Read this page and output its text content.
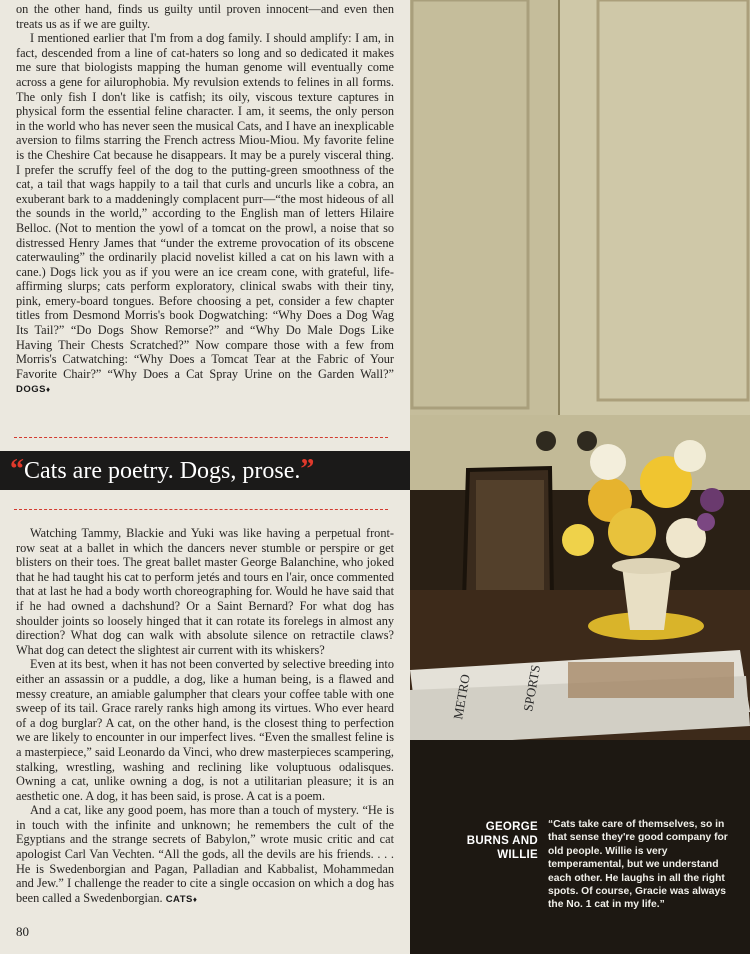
on the other hand, finds us guilty until proven innocent—and even then treats us as if we are guilty.

I mentioned earlier that I'm from a dog family. I should amplify: I am, in fact, descended from a line of cat-haters so long and so dedicated it makes me sure that biologists mapping the human genome will eventually come across a gene for ailurophobia. My revulsion extends to felines in all forms. The only fish I don't like is catfish; its oily, viscous texture captures in physical form the essential feline character. I am, it seems, the only person in the world who has never seen the musical Cats, and I have an inexplicable aversion to films starring the French actress Miou-Miou. My favorite feline is the Cheshire Cat because he disappears. It may be a purely visceral thing. I prefer the scruffy feel of the dog to the putting-green smoothness of the cat, a tail that wags happily to a tail that curls and uncurls like a cobra, an exuberant bark to a maddeningly complacent purr—“the most hideous of all the sounds in the world,” according to the English man of letters Hilaire Belloc. (Not to mention the yowl of a tomcat on the prowl, a noise that so distressed Henry James that “under the extreme provocation of its obscene caterwauling” the ordinarily placid novelist killed a cat on his lawn with a cane.) Dogs lick you as if you were an ice cream cone, with grateful, life-affirming slurps; cats perform exploratory, clinical swabs with their tiny, pink, emery-board tongues. Before choosing a pet, consider a few chapter titles from Desmond Morris's book Dogwatching: “Why Does a Dog Wag Its Tail?” “Do Dogs Show Remorse?” and “Why Do Male Dogs Like Having Their Chests Scratched?” Now compare those with a few from Morris's Catwatching: “Why Does a Tomcat Tear at the Fabric of Your Favorite Chair?” “Why Does a Cat Spray Urine on the Garden Wall?” DOGS♦

“Cats are poetry. Dogs, prose.”

Watching Tammy, Blackie and Yuki was like having a perpetual front-row seat at a ballet in which the dancers never stumble or perspire or get blisters on their toes. The great ballet master George Balanchine, who joked that he had taught his cat to perform jetés and tours en l'air, once commented that at last he had a body worth choreographing for. Would he have said that if he had owned a dachshund? Or a Saint Bernard? For what dog has shoulder joints so loosely hinged that it can rotate its forelegs in almost any direction? What dog can walk with absolute silence on retractile claws? What dog can detect the slightest air current with its whiskers?

Even at its best, when it has not been converted by selective breeding into either an assassin or a puddle, a dog, like a human being, is a flawed and messy creature, an amiable galumpher that clears your coffee table with one sweep of its tail. Grace rarely ranks high among its virtues. Who ever heard of a dog burglar? A cat, on the other hand, is the closest thing to perfection we are likely to encounter in our imperfect lives. “Even the smallest feline is a masterpiece,” said Leonardo da Vinci, who drew masterpieces scampering, stalking, wrestling, washing and reclining like voluptuous odalisques. Owning a cat, unlike owning a dog, is not a utilitarian pleasure; it is an aesthetic one. A dog, it has been said, is prose. A cat is a poem.

And a cat, like any good poem, has more than a touch of mystery. “He is in touch with the infinite and unknown; he remembers the cult of the Egyptians and the strange secrets of Babylon,” wrote music critic and cat apologist Carl Van Vechten. “All the gods, all the devils are his friends. . . . He is Swedenborgian and Pagan, Palladian and Kabbalist, Mohammedan and Jew.” I challenge the reader to cite a single occasion on which a dog has been called a Swedenborgian. CATS♦

80
METRO	SPORTS
GEORGE
BURNS AND
WILLIE
“Cats take care of themselves, so in that sense they're good company for old people. Willie is very temperamental, but we understand each other. He laughs in all the right spots. Of course, Gracie was always the No. 1 cat in my life.”
